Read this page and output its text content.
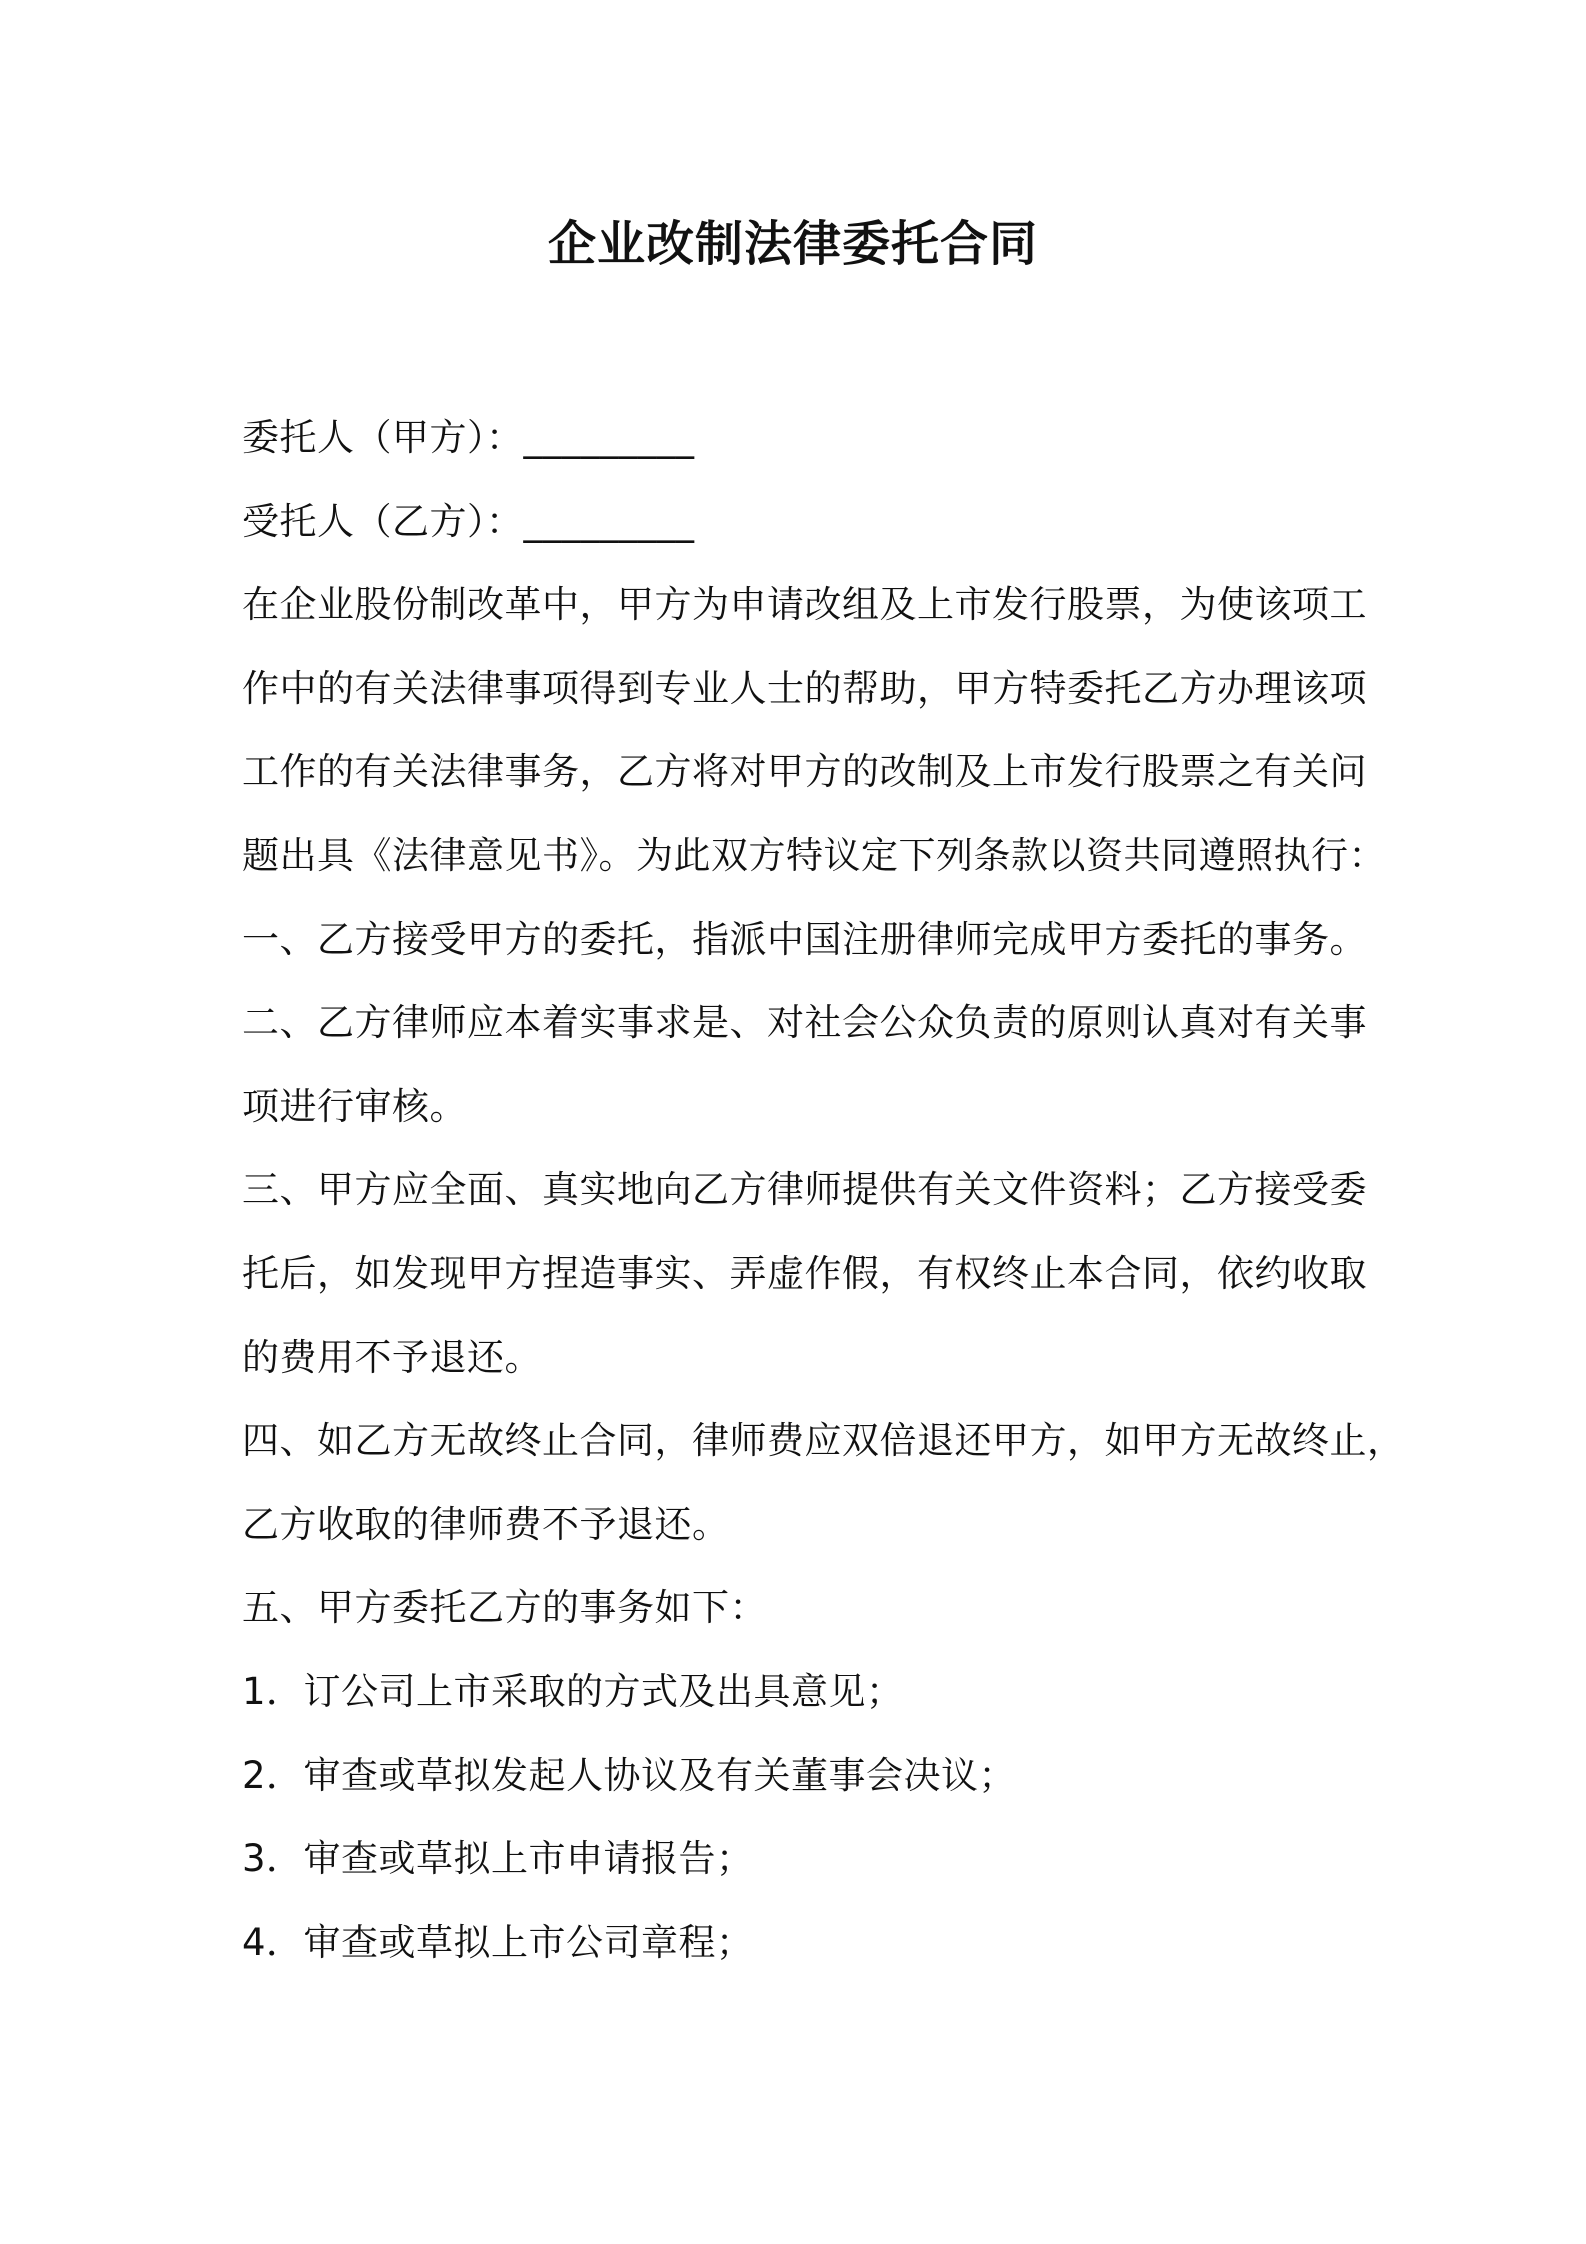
企业改制法律委托合同
委托人（甲方）：_________
受托人（乙方）：_________
在企业股份制改革中，甲方为申请改组及上市发行股票，为使该项工
作中的有关法律事项得到专业人士的帮助，甲方特委托乙方办理该项
工作的有关法律事务，乙方将对甲方的改制及上市发行股票之有关问
题出具《法律意见书》。为此双方特议定下列条款以资共同遵照执行：
一、乙方接受甲方的委托，指派中国注册律师完成甲方委托的事务。
二、乙方律师应本着实事求是、对社会公众负责的原则认真对有关事
项进行审核。
三、甲方应全面、真实地向乙方律师提供有关文件资料；乙方接受委
托后，如发现甲方捏造事实、弄虚作假，有权终止本合同，依约收取
的费用不予退还。
四、如乙方无故终止合同，律师费应双倍退还甲方，如甲方无故终止，
乙方收取的律师费不予退还。
五、甲方委托乙方的事务如下：
1．订公司上市采取的方式及出具意见；
2．审查或草拟发起人协议及有关董事会决议；
3．审查或草拟上市申请报告；
4．审查或草拟上市公司章程；
